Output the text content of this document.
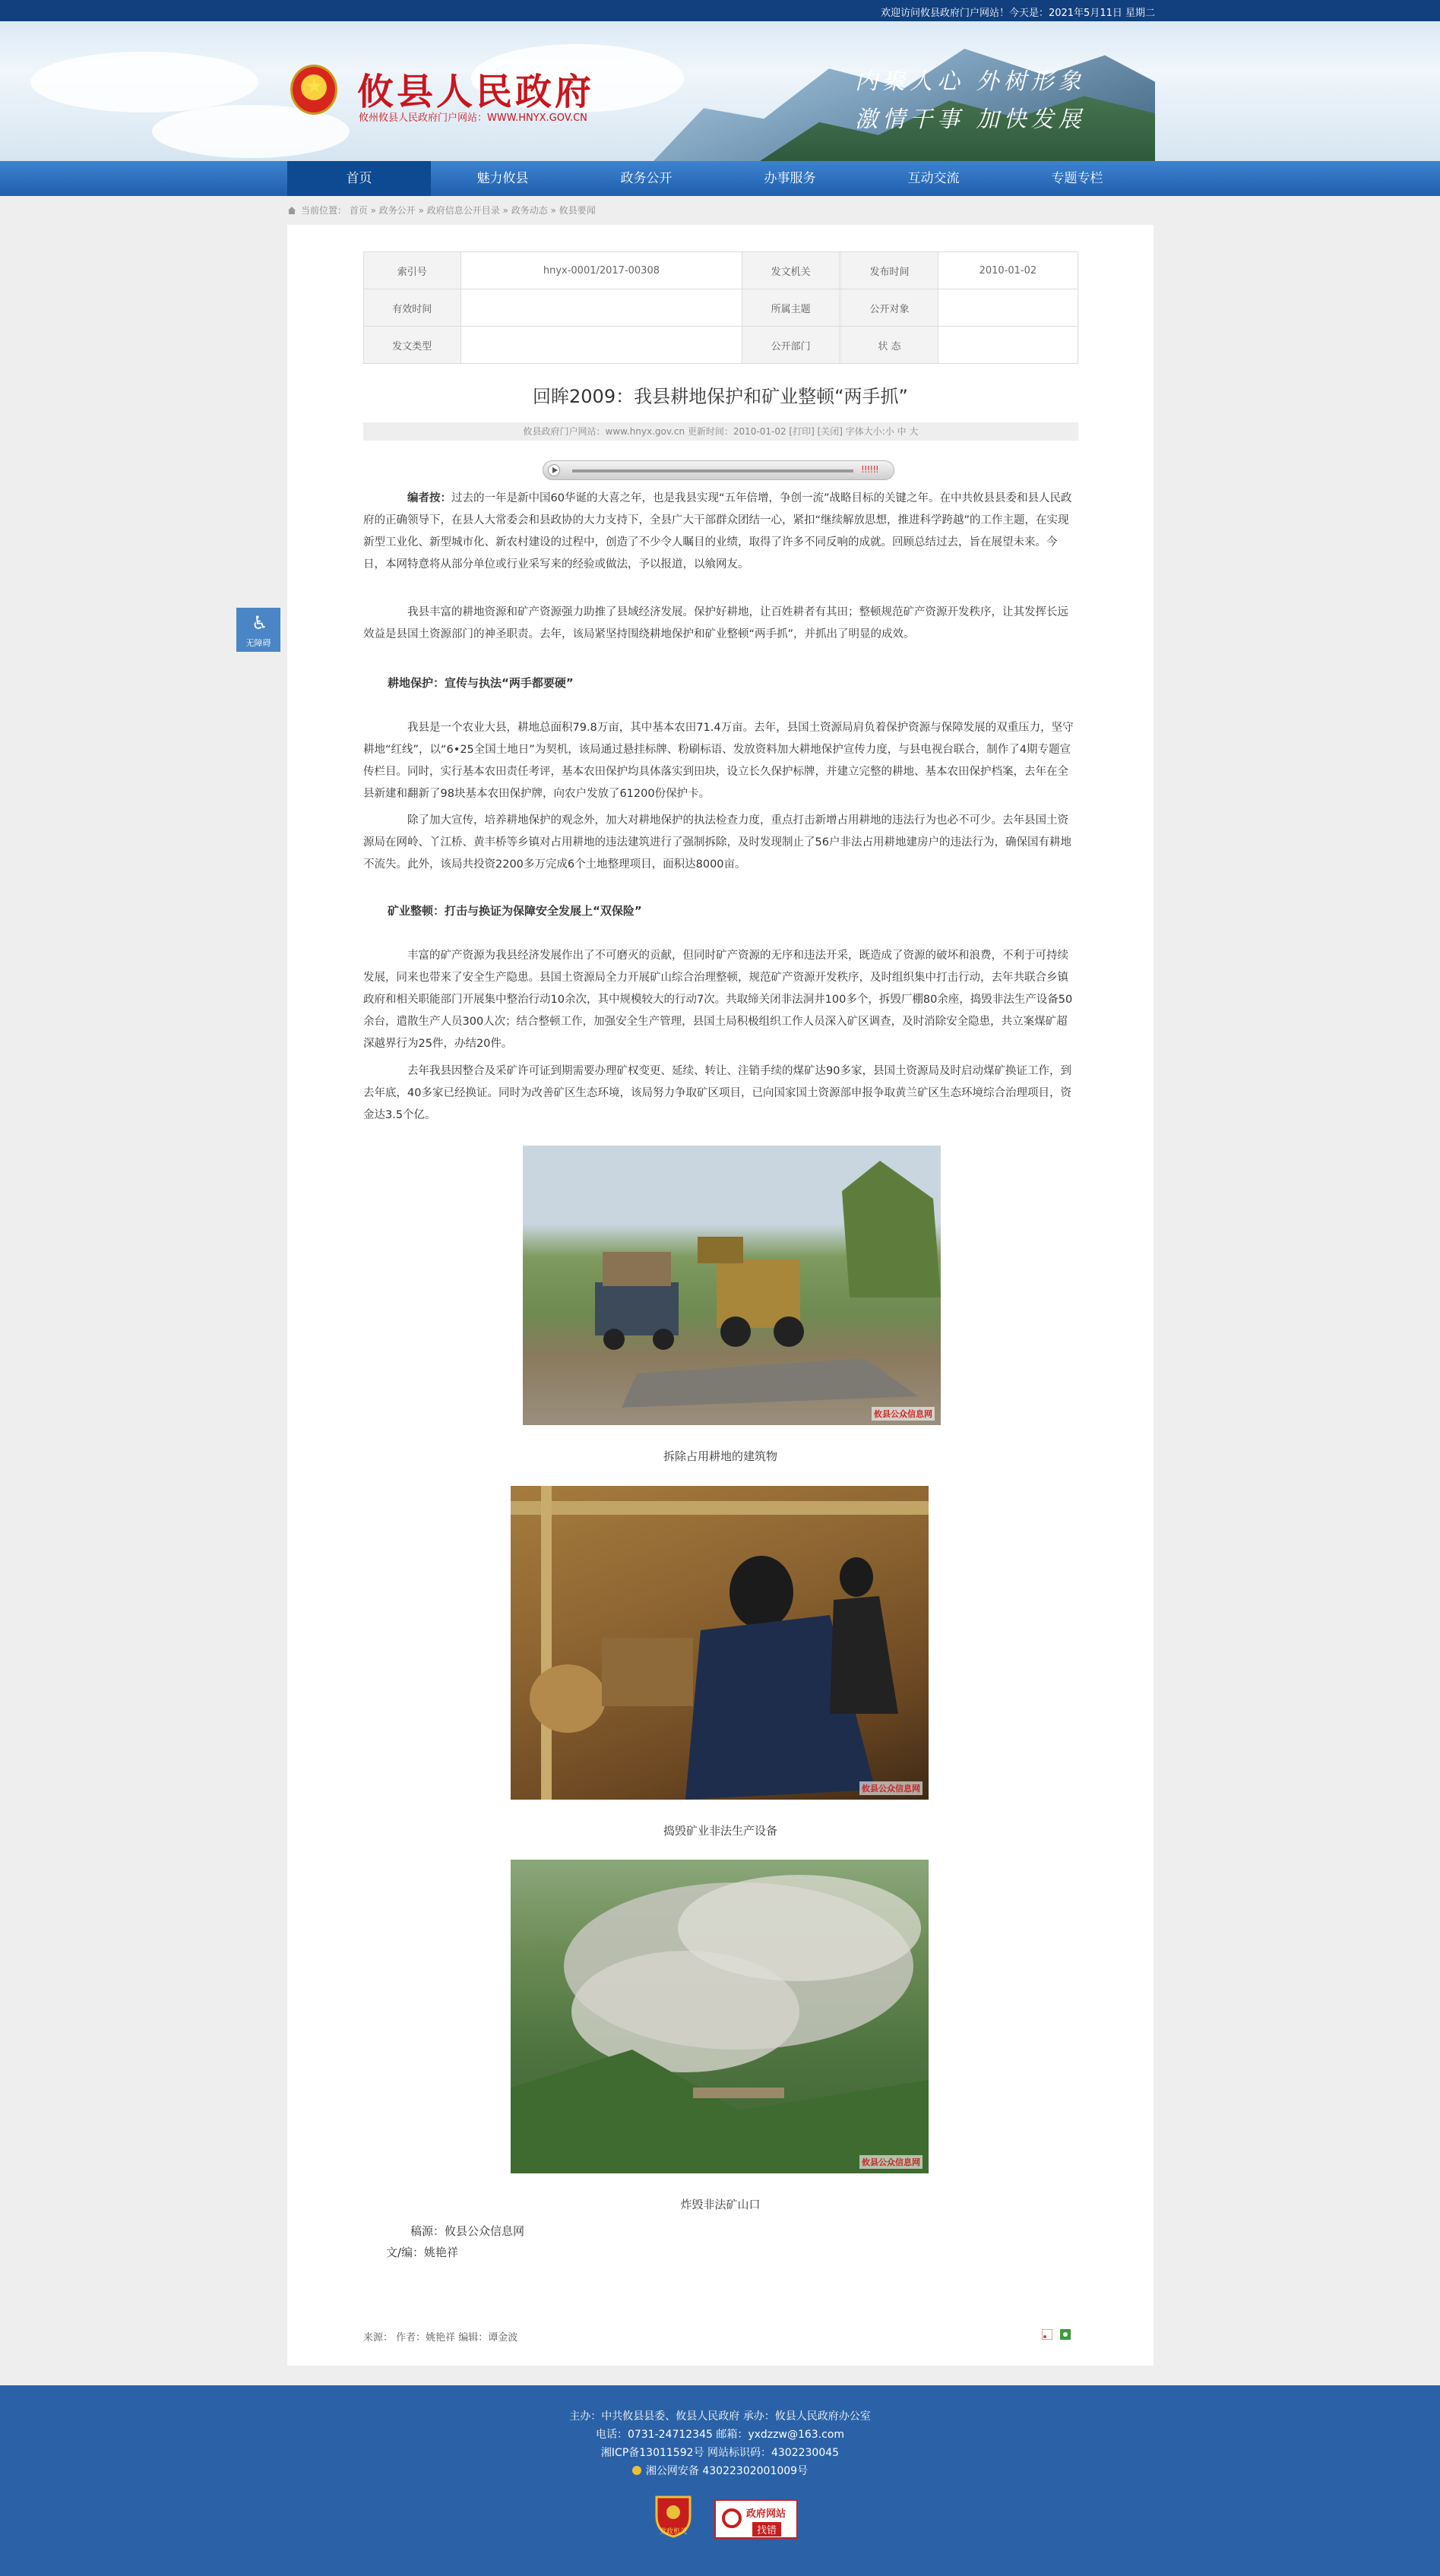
欢迎访问攸县政府门户网站！今天是：2021年5月11日 星期二
★ 攸县人民政府
攸州攸县人民政府门户网站：WWW.HNYX.GOV.CN
内聚人心 外树形象
激情干事 加快发展
首页	魅力攸县	政务公开	办事服务	互动交流	专题专栏
当前位置： 首页 » 政务公开 » 政府信息公开目录 » 政务动态 » 攸县要闻
♿
无障碍
索引号	hnyx-0001/2017-00308	发文机关		发布时间	2010-01-02
有效时间		所属主题		公开对象	
发文类型		公开部门		状 态	
回眸2009：我县耕地保护和矿业整顿“两手抓”
攸县政府门户网站：www.hnyx.gov.cn 更新时间：2010-01-02 [打印] [关闭] 字体大小:小 中 大
!!!!!!
编者按：过去的一年是新中国60华诞的大喜之年，也是我县实现“五年倍增，争创一流”战略目标的关键之年。在中共攸县县委和县人民政府的正确领导下，在县人大常委会和县政协的大力支持下，全县广大干部群众团结一心，紧扣“继续解放思想，推进科学跨越”的工作主题，在实现新型工业化、新型城市化、新农村建设的过程中，创造了不少令人瞩目的业绩，取得了许多不同反响的成就。回顾总结过去，旨在展望未来。今日，本网特意将从部分单位或行业采写来的经验或做法，予以报道，以飨网友。
我县丰富的耕地资源和矿产资源强力助推了县域经济发展。保护好耕地，让百姓耕者有其田；整顿规范矿产资源开发秩序，让其发挥长远效益是县国土资源部门的神圣职责。去年，该局紧坚持围绕耕地保护和矿业整顿“两手抓”，并抓出了明显的成效。
耕地保护：宣传与执法“两手都要硬”
我县是一个农业大县，耕地总面积79.8万亩，其中基本农田71.4万亩。去年，县国土资源局肩负着保护资源与保障发展的双重压力，坚守耕地“红线”，以“6•25全国土地日”为契机，该局通过悬挂标牌、粉刷标语、发放资料加大耕地保护宣传力度，与县电视台联合，制作了4期专题宣传栏目。同时，实行基本农田责任考评，基本农田保护均具体落实到田块，设立长久保护标牌，并建立完整的耕地、基本农田保护档案，去年在全县新建和翻新了98块基本农田保护牌，向农户发放了61200份保护卡。
除了加大宣传，培养耕地保护的观念外，加大对耕地保护的执法检查力度，重点打击新增占用耕地的违法行为也必不可少。去年县国土资源局在网岭、丫江桥、黄丰桥等乡镇对占用耕地的违法建筑进行了强制拆除，及时发现制止了56户非法占用耕地建房户的违法行为，确保国有耕地不流失。此外，该局共投资2200多万完成6个土地整理项目，面积达8000亩。
矿业整顿：打击与换证为保障安全发展上“双保险”
丰富的矿产资源为我县经济发展作出了不可磨灭的贡献，但同时矿产资源的无序和违法开采，既造成了资源的破坏和浪费，不利于可持续发展，同来也带来了安全生产隐患。县国土资源局全力开展矿山综合治理整顿，规范矿产资源开发秩序，及时组织集中打击行动，去年共联合乡镇政府和相关职能部门开展集中整治行动10余次，其中规模较大的行动7次。共取缔关闭非法洞井100多个，拆毁厂棚80余座，捣毁非法生产设备50余台，遣散生产人员300人次；结合整顿工作，加强安全生产管理，县国土局积极组织工作人员深入矿区调查，及时消除安全隐患，共立案煤矿超深越界行为25件，办结20件。
去年我县因整合及采矿许可证到期需要办理矿权变更、延续、转让、注销手续的煤矿达90多家，县国土资源局及时启动煤矿换证工作，到去年底，40多家已经换证。同时为改善矿区生态环境，该局努力争取矿区项目，已向国家国土资源部申报争取黄兰矿区生态环境综合治理项目，资金达3.5个亿。
攸县公众信息网
拆除占用耕地的建筑物
攸县公众信息网
捣毁矿业非法生产设备
攸县公众信息网
炸毁非法矿山口
稿源：攸县公众信息网
文/编：姚艳祥
来源： 作者：姚艳祥 编辑：谭金波
主办：中共攸县县委、攸县人民政府 承办：攸县人民政府办公室
电话：0731-24712345 邮箱：yxdzzw@163.com
湘ICP备13011592号 网站标识码：4302230045
湘公网安备 43022302001009号
党政机关
政府网站
找错
